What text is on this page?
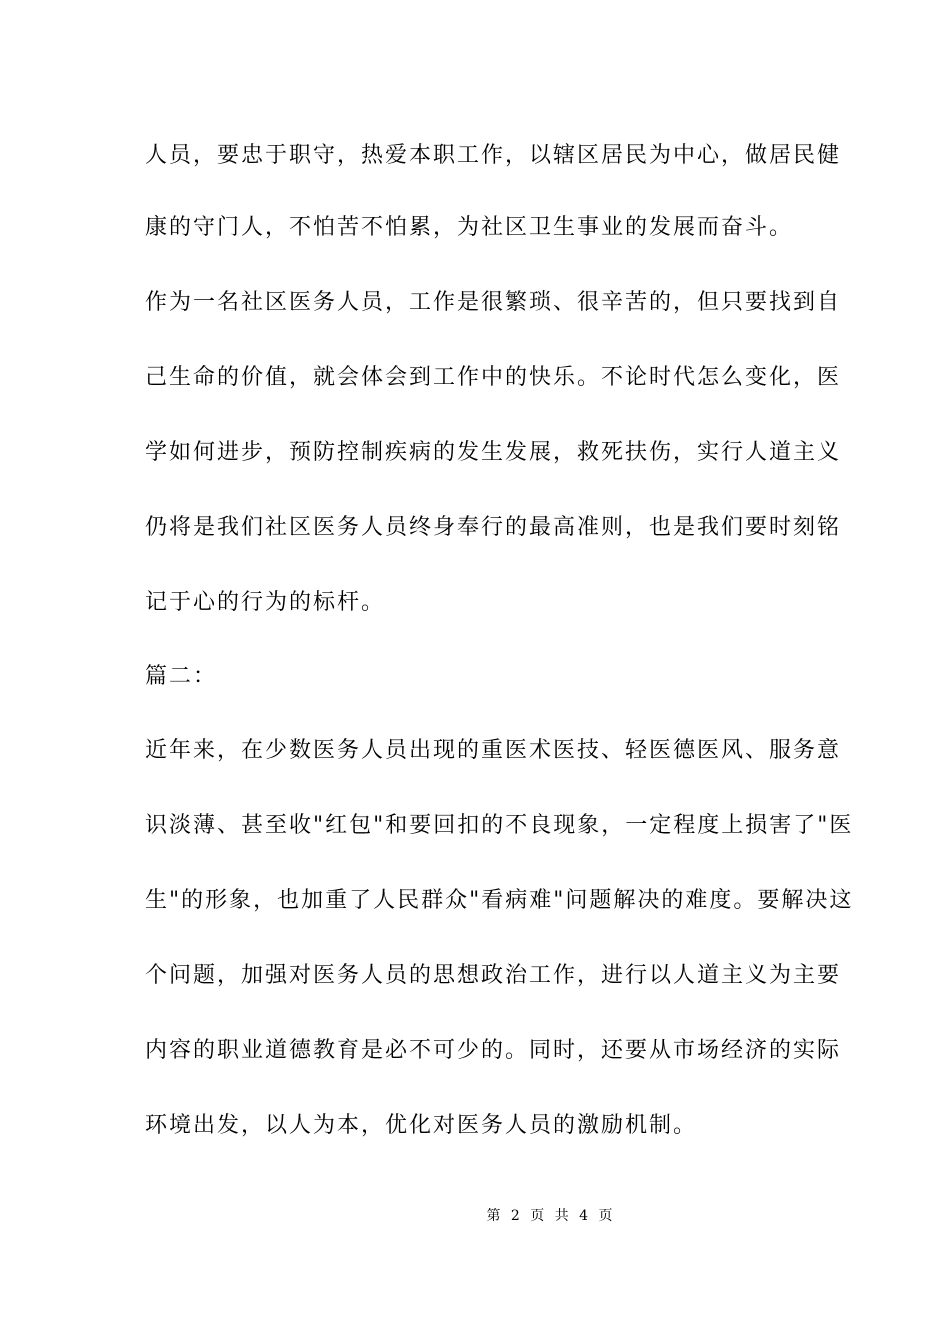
人员，要忠于职守，热爱本职工作，以辖区居民为中心，做居民健
康的守门人，不怕苦不怕累，为社区卫生事业的发展而奋斗。
作为一名社区医务人员，工作是很繁琐、很辛苦的，但只要找到自
己生命的价值，就会体会到工作中的快乐。不论时代怎么变化，医
学如何进步，预防控制疾病的发生发展，救死扶伤，实行人道主义
仍将是我们社区医务人员终身奉行的最高准则，也是我们要时刻铭
记于心的行为的标杆。
篇二：
近年来，在少数医务人员出现的重医术医技、轻医德医风、服务意
识淡薄、甚至收"红包"和要回扣的不良现象，一定程度上损害了"医
生"的形象，也加重了人民群众"看病难"问题解决的难度。要解决这
个问题，加强对医务人员的思想政治工作，进行以人道主义为主要
内容的职业道德教育是必不可少的。同时，还要从市场经济的实际
环境出发，以人为本，优化对医务人员的激励机制。
第 2 页 共 4 页
